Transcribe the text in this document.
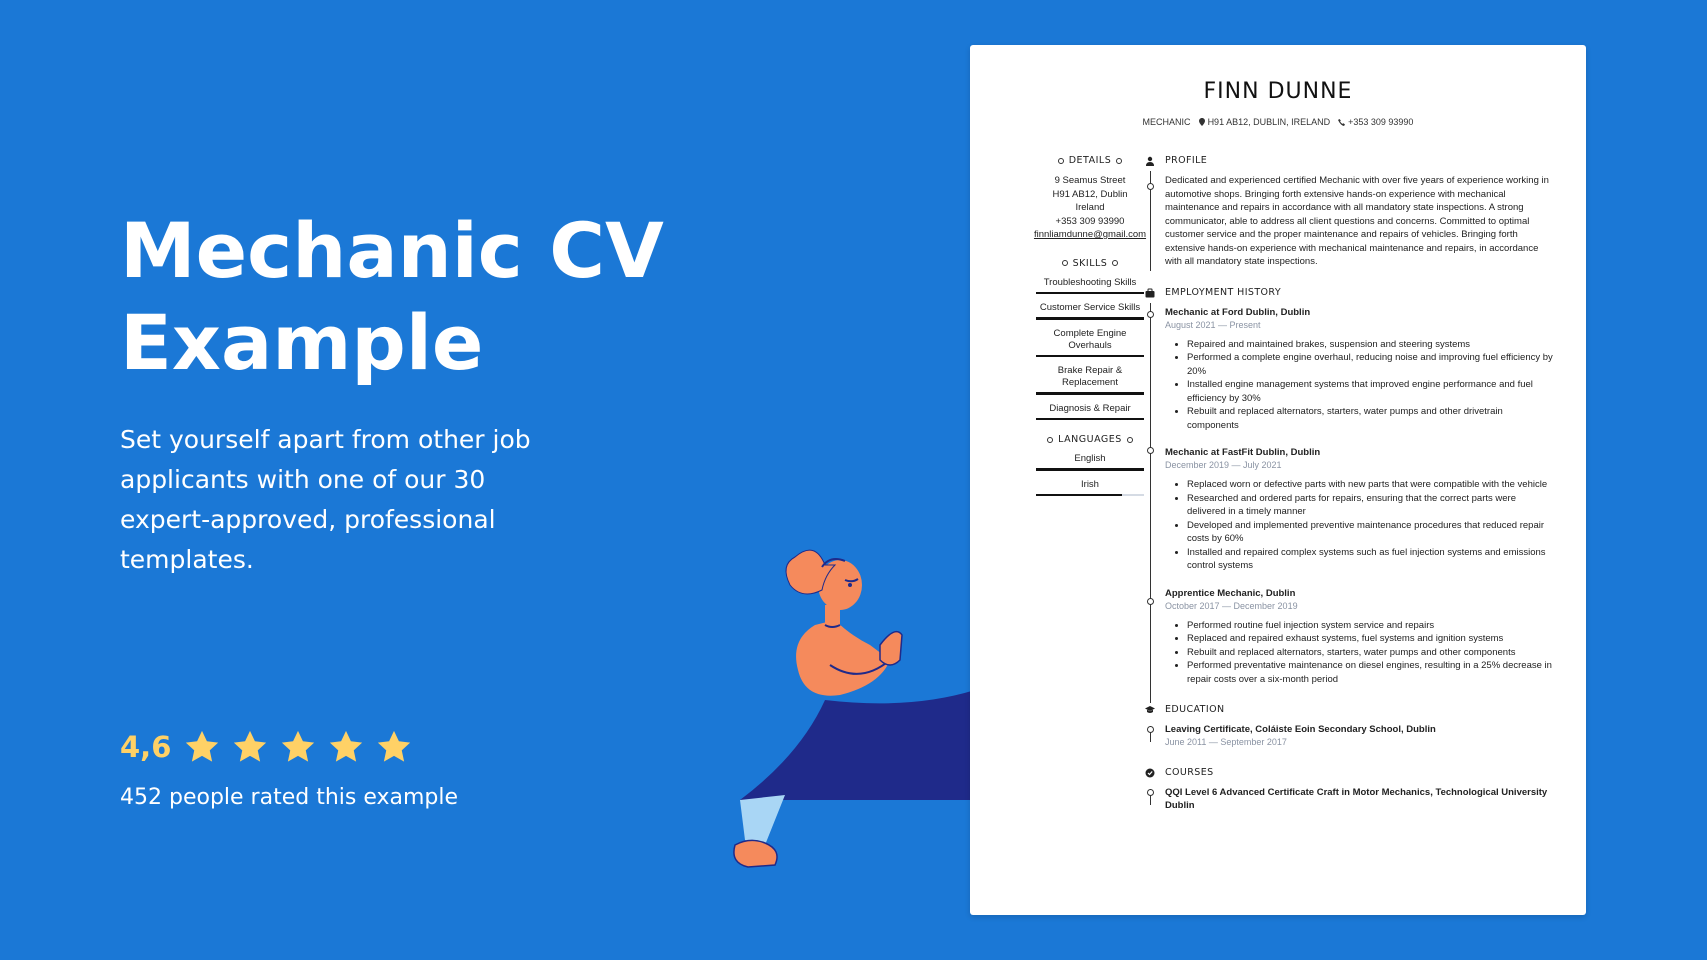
Mechanic CV Example

Set yourself apart from other job applicants with one of our 30 expert-approved, professional templates.

4,6
452 people rated this example
FINN DUNNE
MECHANIC H91 AB12, DUBLIN, IRELAND +353 309 93990
DETAILS
9 Seamus Street
H91 AB12, Dublin
Ireland
+353 309 93990
finnliamdunne@gmail.com
SKILLS
Troubleshooting Skills
Customer Service Skills
Complete Engine Overhauls
Brake Repair & Replacement
Diagnosis & Repair
LANGUAGES
English
Irish
PROFILE

Dedicated and experienced certified Mechanic with over five years of experience working in automotive shops. Bringing forth extensive hands-on experience with mechanical maintenance and repairs in accordance with all mandatory state inspections. A strong communicator, able to address all client questions and concerns. Committed to optimal customer service and the proper maintenance and repairs of vehicles. Bringing forth extensive hands-on experience with mechanical maintenance and repairs, in accordance with all mandatory state inspections.

EMPLOYMENT HISTORY

Mechanic at Ford Dublin, Dublin

August 2021 — Present

• Repaired and maintained brakes, suspension and steering systems
• Performed a complete engine overhaul, reducing noise and improving fuel efficiency by 20%
• Installed engine management systems that improved engine performance and fuel efficiency by 30%
• Rebuilt and replaced alternators, starters, water pumps and other drivetrain components

Mechanic at FastFit Dublin, Dublin

December 2019 — July 2021

• Replaced worn or defective parts with new parts that were compatible with the vehicle
• Researched and ordered parts for repairs, ensuring that the correct parts were delivered in a timely manner
• Developed and implemented preventive maintenance procedures that reduced repair costs by 60%
• Installed and repaired complex systems such as fuel injection systems and emissions control systems

Apprentice Mechanic, Dublin

October 2017 — December 2019

• Performed routine fuel injection system service and repairs
• Replaced and repaired exhaust systems, fuel systems and ignition systems
• Rebuilt and replaced alternators, starters, water pumps and other components
• Performed preventative maintenance on diesel engines, resulting in a 25% decrease in repair costs over a six-month period
EDUCATION

Leaving Certificate, Coláiste Eoin Secondary School, Dublin

June 2011 — September 2017

COURSES

QQI Level 6 Advanced Certificate Craft in Motor Mechanics, Technological University Dublin
